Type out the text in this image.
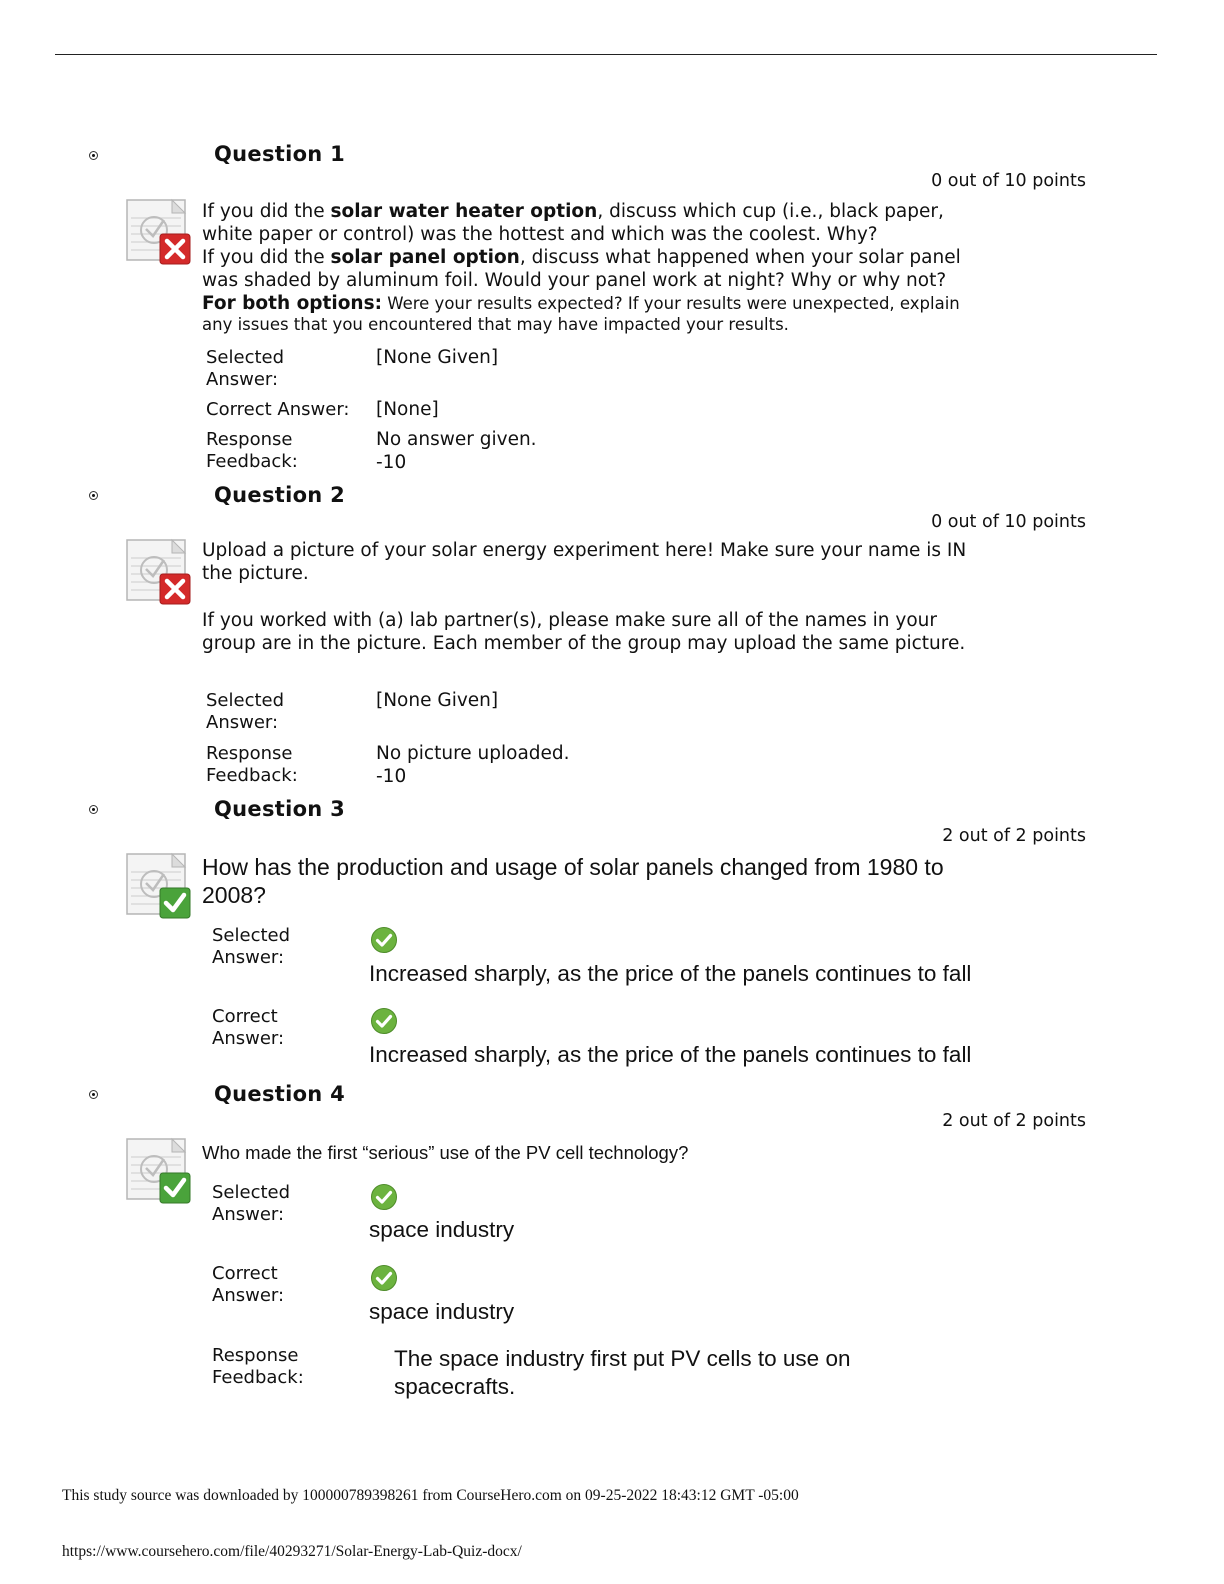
Question 1
0 out of 10 points
If you did the solar water heater option, discuss which cup (i.e., black paper,
white paper or control) was the hottest and which was the coolest. Why?
If you did the solar panel option, discuss what happened when your solar panel
was shaded by aluminum foil. Would your panel work at night? Why or why not?
For both options: Were your results expected? If your results were unexpected, explain
any issues that you encountered that may have impacted your results.
Selected
Answer:
[None Given]
Correct Answer: [None]
Response
Feedback:
No answer given.
-10
Question 2
0 out of 10 points
Upload a picture of your solar energy experiment here! Make sure your name is IN
the picture.
If you worked with (a) lab partner(s), please make sure all of the names in your
group are in the picture. Each member of the group may upload the same picture.
Selected
Answer:
[None Given]
Response
Feedback:
No picture uploaded.
-10
Question 3
2 out of 2 points
How has the production and usage of solar panels changed from 1980 to
2008?
Selected
Answer:
Increased sharply, as the price of the panels continues to fall
Correct
Answer:
Increased sharply, as the price of the panels continues to fall
Question 4
2 out of 2 points
Who made the first “serious” use of the PV cell technology?
Selected
Answer:
space industry
Correct
Answer:
space industry
Response
Feedback:
The space industry first put PV cells to use on
spacecrafts.
This study source was downloaded by 100000789398261 from CourseHero.com on 09-25-2022 18:43:12 GMT -05:00
https://www.coursehero.com/file/40293271/Solar-Energy-Lab-Quiz-docx/
